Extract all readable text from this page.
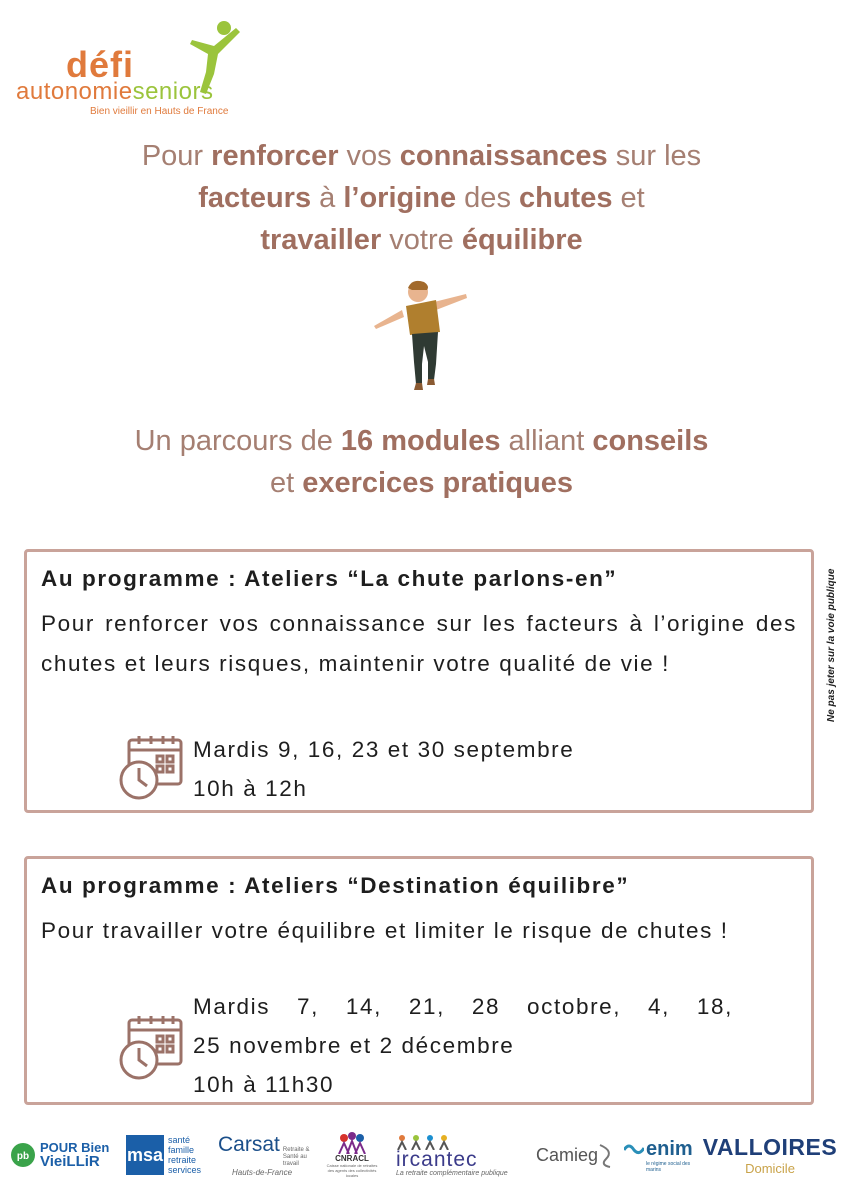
défi
autonomieseniors
Bien vieillir en Hauts de France
Pour renforcer vos connaissances sur les
facteurs à l’origine des chutes et
travailler votre équilibre
Un parcours de 16 modules alliant conseils
et exercices pratiques
Au programme : Ateliers “La chute parlons-en”
Pour renforcer vos connaissance sur les facteurs à l’origine des chutes et leurs risques, maintenir votre qualité de vie !
Mardis 9, 16, 23 et 30 septembre
10h à 12h
Au programme : Ateliers “Destination équilibre”
Pour travailler votre équilibre et limiter le risque de chutes !
Mardis 7, 14, 21, 28 octobre, 4, 18,
25 novembre et 2 décembre
10h à 11h30
Ne pas jeter sur la voie publique
pb
POUR Bien
VieiLLiR	msa
santé
famille
retraite
services
Carsat Retraite & Santé au travail
Hauts-de-France
CNRACL
Caisse nationale de retraites des agents des collectivités locales
ircantec
La retraite complémentaire publique
Camieg enim
le régime social des marins
VALLOIRES
Domicile
